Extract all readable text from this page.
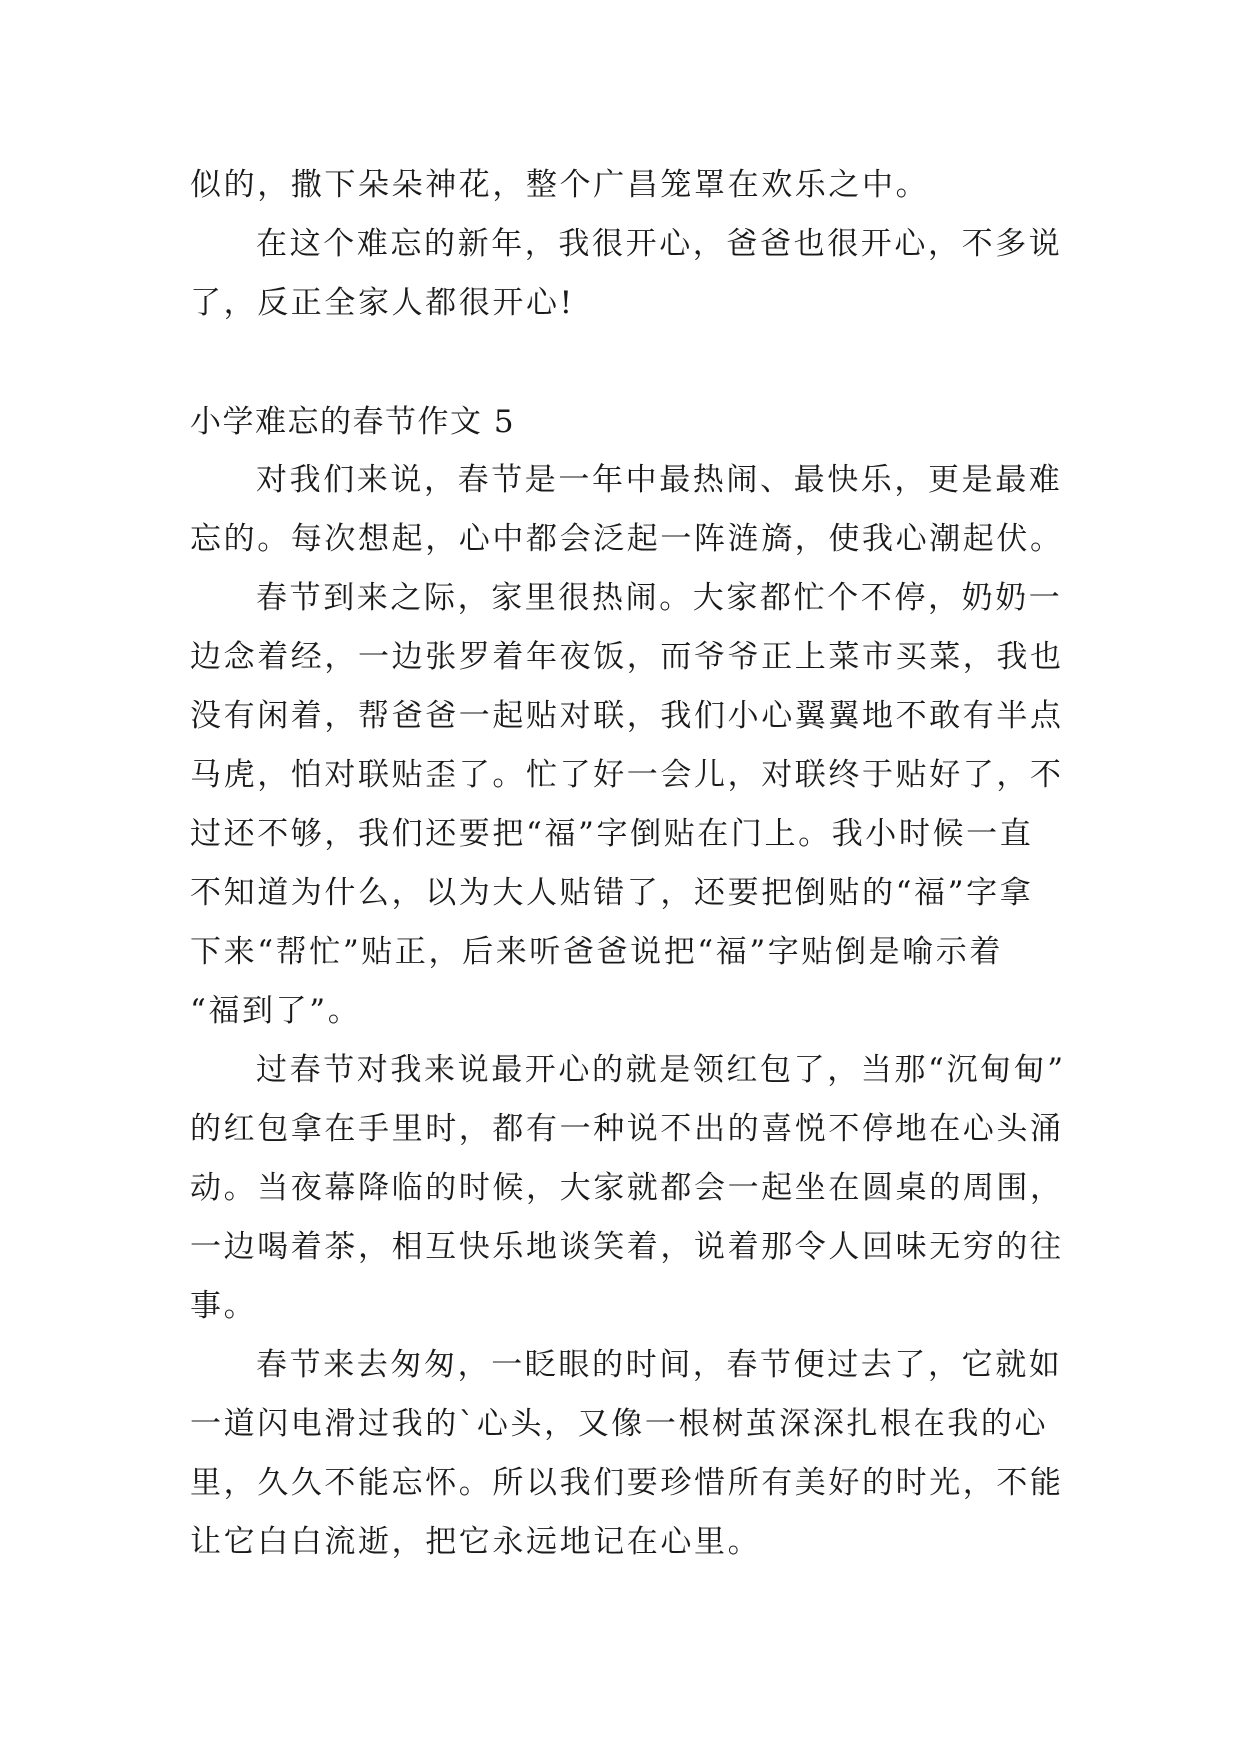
似的，撒下朵朵神花，整个广昌笼罩在欢乐之中。
在这个难忘的新年，我很开心，爸爸也很开心，不多说
了，反正全家人都很开心!
小学难忘的春节作文 5
对我们来说，春节是一年中最热闹、最快乐，更是最难
忘的。每次想起，心中都会泛起一阵涟旖，使我心潮起伏。
春节到来之际，家里很热闹。大家都忙个不停，奶奶一
边念着经，一边张罗着年夜饭，而爷爷正上菜市买菜，我也
没有闲着，帮爸爸一起贴对联，我们小心翼翼地不敢有半点
马虎，怕对联贴歪了。忙了好一会儿，对联终于贴好了，不
过还不够，我们还要把“福”字倒贴在门上。我小时候一直
不知道为什么，以为大人贴错了，还要把倒贴的“福”字拿
下来“帮忙”贴正，后来听爸爸说把“福”字贴倒是喻示着
“福到了”。
过春节对我来说最开心的就是领红包了，当那“沉甸甸”
的红包拿在手里时，都有一种说不出的喜悦不停地在心头涌
动。当夜幕降临的时候，大家就都会一起坐在圆桌的周围，
一边喝着茶，相互快乐地谈笑着，说着那令人回味无穷的往
事。
春节来去匆匆，一眨眼的时间，春节便过去了，它就如
一道闪电滑过我的`心头，又像一根树茧深深扎根在我的心
里，久久不能忘怀。所以我们要珍惜所有美好的时光，不能
让它白白流逝，把它永远地记在心里。
